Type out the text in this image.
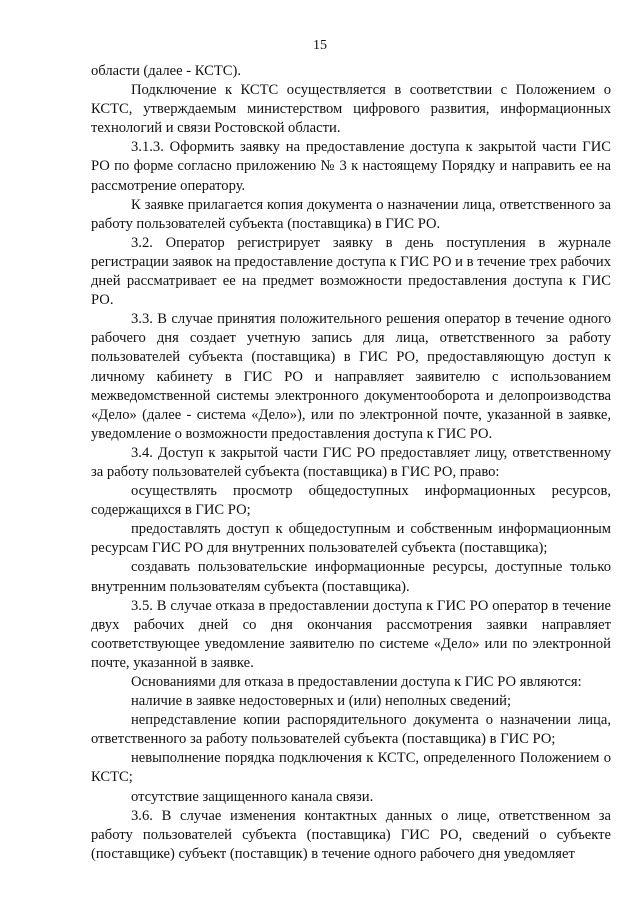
15

области (далее - КСТС).

Подключение к КСТС осуществляется в соответствии с Положением о КСТС, утверждаемым министерством цифрового развития, информационных технологий и связи Ростовской области.

3.1.3. Оформить заявку на предоставление доступа к закрытой части ГИС РО по форме согласно приложению № 3 к настоящему Порядку и направить ее на рассмотрение оператору.

К заявке прилагается копия документа о назначении лица, ответственного за работу пользователей субъекта (поставщика) в ГИС РО.

3.2. Оператор регистрирует заявку в день поступления в журнале регистрации заявок на предоставление доступа к ГИС РО и в течение трех рабочих дней рассматривает ее на предмет возможности предоставления доступа к ГИС РО.

3.3. В случае принятия положительного решения оператор в течение одного рабочего дня создает учетную запись для лица, ответственного за работу пользователей субъекта (поставщика) в ГИС РО, предоставляющую доступ к личному кабинету в ГИС РО и направляет заявителю с использованием межведомственной системы электронного документооборота и делопроизводства «Дело» (далее - система «Дело»), или по электронной почте, указанной в заявке, уведомление о возможности предоставления доступа к ГИС РО.

3.4. Доступ к закрытой части ГИС РО предоставляет лицу, ответственному за работу пользователей субъекта (поставщика) в ГИС РО, право:

осуществлять просмотр общедоступных информационных ресурсов, содержащихся в ГИС РО;

предоставлять доступ к общедоступным и собственным информационным ресурсам ГИС РО для внутренних пользователей субъекта (поставщика);

создавать пользовательские информационные ресурсы, доступные только внутренним пользователям субъекта (поставщика).

3.5. В случае отказа в предоставлении доступа к ГИС РО оператор в течение двух рабочих дней со дня окончания рассмотрения заявки направляет соответствующее уведомление заявителю по системе «Дело» или по электронной почте, указанной в заявке.

Основаниями для отказа в предоставлении доступа к ГИС РО являются:

наличие в заявке недостоверных и (или) неполных сведений;

непредставление копии распорядительного документа о назначении лица, ответственного за работу пользователей субъекта (поставщика) в ГИС РО;

невыполнение порядка подключения к КСТС, определенного Положением о КСТС;

отсутствие защищенного канала связи.

3.6. В случае изменения контактных данных о лице, ответственном за работу пользователей субъекта (поставщика) ГИС РО, сведений о субъекте (поставщике) субъект (поставщик) в течение одного рабочего дня уведомляет
